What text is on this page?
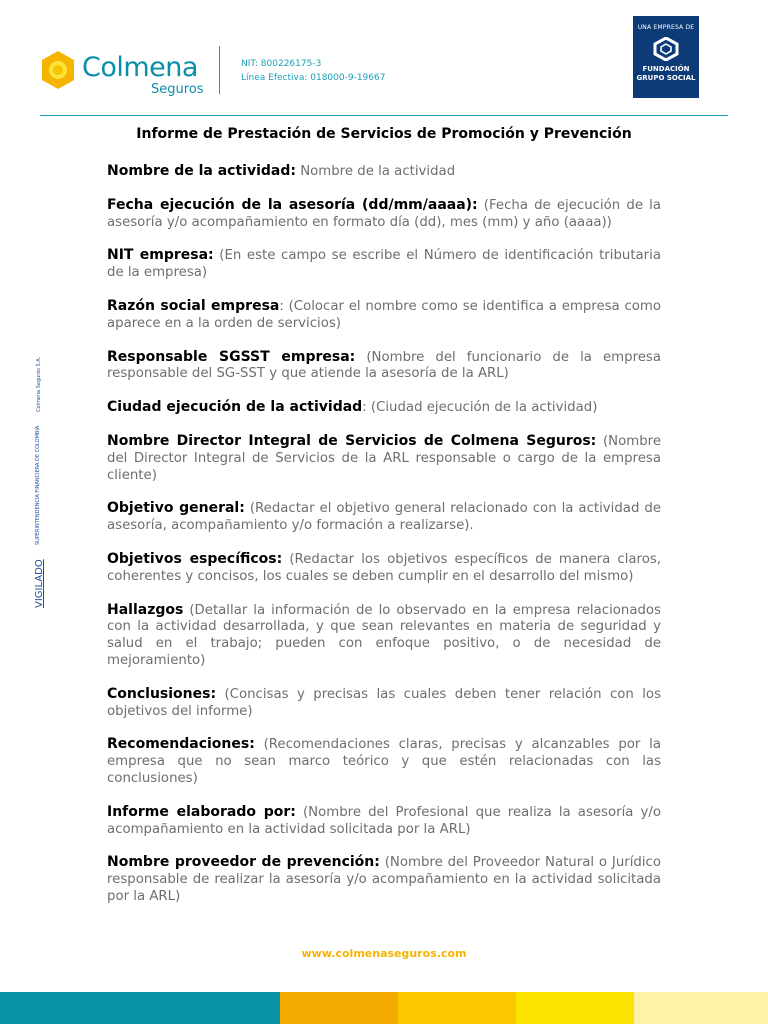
Colmena
Seguros
NIT: 800226175-3
Línea Efectiva: 018000-9-19667
UNA EMPRESA DE
FUNDACIÓN
GRUPO SOCIAL
Colmena Seguros S.A.
SUPERINTENDENCIA FINANCIERA DE COLOMBIA
VIGILADO
Informe de Prestación de Servicios de Promoción y Prevención

Nombre de la actividad: Nombre de la actividad

Fecha ejecución de la asesoría (dd/mm/aaaa): (Fecha de ejecución de la asesoría y/o acompañamiento en formato día (dd), mes (mm) y año (aaaa))

NIT empresa: (En este campo se escribe el Número de identificación tributaria de la empresa)

Razón social empresa: (Colocar el nombre como se identifica a empresa como aparece en a la orden de servicios)

Responsable SGSST empresa: (Nombre del funcionario de la empresa responsable del SG-SST y que atiende la asesoría de la ARL)

Ciudad ejecución de la actividad: (Ciudad ejecución de la actividad)

Nombre Director Integral de Servicios de Colmena Seguros: (Nombre del Director Integral de Servicios de la ARL responsable o cargo de la empresa cliente)

Objetivo general: (Redactar el objetivo general relacionado con la actividad de asesoría, acompañamiento y/o formación a realizarse).

Objetivos específicos: (Redactar los objetivos específicos de manera claros, coherentes y concisos, los cuales se deben cumplir en el desarrollo del mismo)

Hallazgos (Detallar la información de lo observado en la empresa relacionados con la actividad desarrollada, y que sean relevantes en materia de seguridad y salud en el trabajo; pueden con enfoque positivo, o de necesidad de mejoramiento)

Conclusiones: (Concisas y precisas las cuales deben tener relación con los objetivos del informe)

Recomendaciones: (Recomendaciones claras, precisas y alcanzables por la empresa que no sean marco teórico y que estén relacionadas con las conclusiones)

Informe elaborado por: (Nombre del Profesional que realiza la asesoría y/o acompañamiento en la actividad solicitada por la ARL)

Nombre proveedor de prevención: (Nombre del Proveedor Natural o Jurídico responsable de realizar la asesoría y/o acompañamiento en la actividad solicitada por la ARL)

www.colmenaseguros.com
